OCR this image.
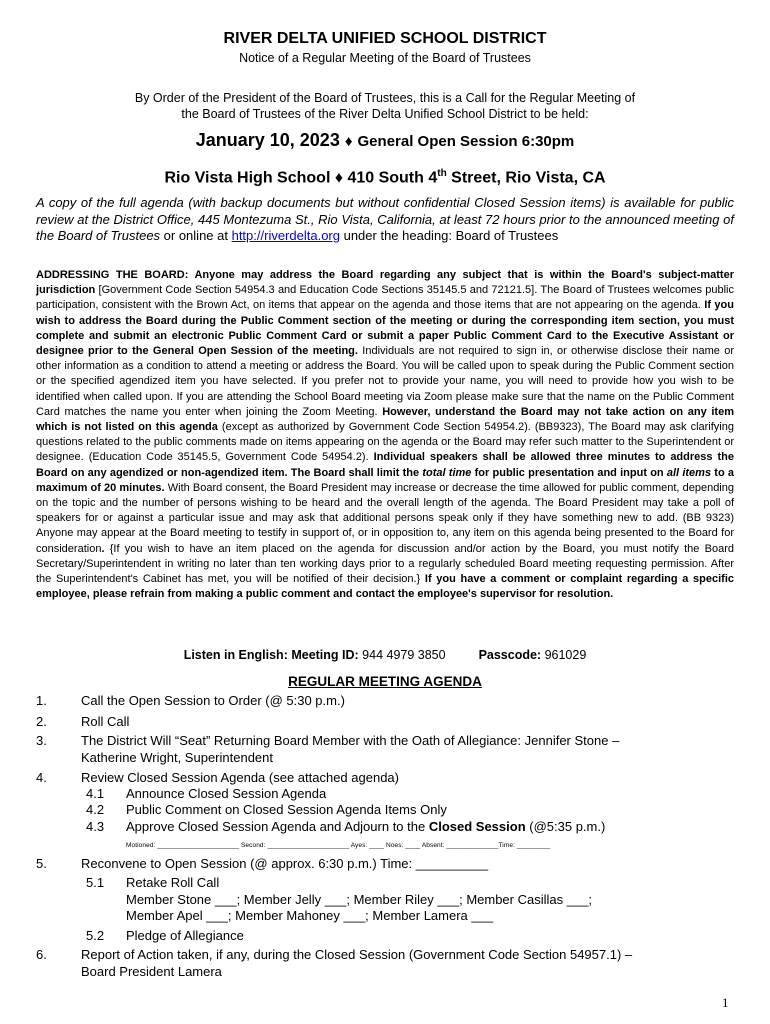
RIVER DELTA UNIFIED SCHOOL DISTRICT
Notice of a Regular Meeting of the Board of Trustees
By Order of the President of the Board of Trustees, this is a Call for the Regular Meeting of
the Board of Trustees of the River Delta Unified School District to be held:
January 10, 2023 ♦ General Open Session 6:30pm
Rio Vista High School ♦ 410 South 4th Street, Rio Vista, CA
A copy of the full agenda (with backup documents but without confidential Closed Session items) is available for public review at the District Office, 445 Montezuma St., Rio Vista, California, at least 72 hours prior to the announced meeting of the Board of Trustees or online at http://riverdelta.org under the heading: Board of Trustees
ADDRESSING THE BOARD: Anyone may address the Board regarding any subject that is within the Board's subject-matter jurisdiction [Government Code Section 54954.3 and Education Code Sections 35145.5 and 72121.5]. The Board of Trustees welcomes public participation, consistent with the Brown Act, on items that appear on the agenda and those items that are not appearing on the agenda. If you wish to address the Board during the Public Comment section of the meeting or during the corresponding item section, you must complete and submit an electronic Public Comment Card or submit a paper Public Comment Card to the Executive Assistant or designee prior to the General Open Session of the meeting. Individuals are not required to sign in, or otherwise disclose their name or other information as a condition to attend a meeting or address the Board. You will be called upon to speak during the Public Comment section or the specified agendized item you have selected. If you prefer not to provide your name, you will need to provide how you wish to be identified when called upon. If you are attending the School Board meeting via Zoom please make sure that the name on the Public Comment Card matches the name you enter when joining the Zoom Meeting. However, understand the Board may not take action on any item which is not listed on this agenda (except as authorized by Government Code Section 54954.2). (BB9323), The Board may ask clarifying questions related to the public comments made on items appearing on the agenda or the Board may refer such matter to the Superintendent or designee. (Education Code 35145.5, Government Code 54954.2). Individual speakers shall be allowed three minutes to address the Board on any agendized or non-agendized item. The Board shall limit the total time for public presentation and input on all items to a maximum of 20 minutes. With Board consent, the Board President may increase or decrease the time allowed for public comment, depending on the topic and the number of persons wishing to be heard and the overall length of the agenda. The Board President may take a poll of speakers for or against a particular issue and may ask that additional persons speak only if they have something new to add. (BB 9323) Anyone may appear at the Board meeting to testify in support of, or in opposition to, any item on this agenda being presented to the Board for consideration. {If you wish to have an item placed on the agenda for discussion and/or action by the Board, you must notify the Board Secretary/Superintendent in writing no later than ten working days prior to a regularly scheduled Board meeting requesting permission. After the Superintendent's Cabinet has met, you will be notified of their decision.} If you have a comment or complaint regarding a specific employee, please refrain from making a public comment and contact the employee's supervisor for resolution.
Listen in English: Meeting ID: 944 4979 3850	Passcode: 961029
REGULAR MEETING AGENDA
1.	Call the Open Session to Order (@ 5:30 p.m.)
2.	Roll Call
3.	The District Will “Seat” Returning Board Member with the Oath of Allegiance: Jennifer Stone –
Katherine Wright, Superintendent
4.	Review Closed Session Agenda (see attached agenda)
4.1 Announce Closed Session Agenda
4.2 Public Comment on Closed Session Agenda Items Only
4.3 Approve Closed Session Agenda and Adjourn to the Closed Session (@5:35 p.m.)
Motioned: ______________________ Second: ______________________ Ayes: ____ Noes: ____ Absent: ______________Time: _________
5.	Reconvene to Open Session (@ approx. 6:30 p.m.) Time: __________
5.1 Retake Roll Call
Member Stone ___; Member Jelly ___; Member Riley ___; Member Casillas ___;
Member Apel ___; Member Mahoney ___; Member Lamera ___
5.2 Pledge of Allegiance
6.	Report of Action taken, if any, during the Closed Session (Government Code Section 54957.1) –
Board President Lamera
1
